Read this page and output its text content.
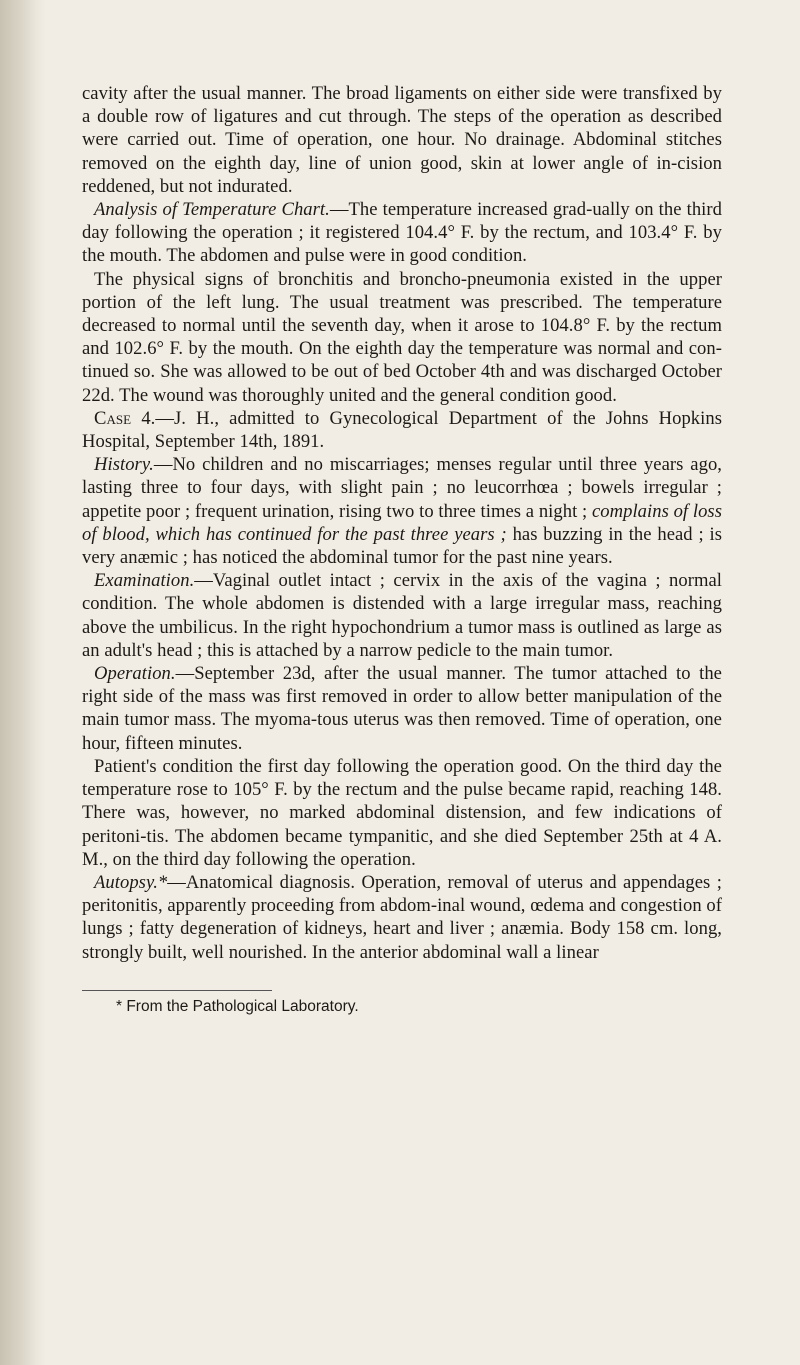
cavity after the usual manner. The broad ligaments on either side were transfixed by a double row of ligatures and cut through. The steps of the operation as described were carried out. Time of operation, one hour. No drainage. Abdominal stitches removed on the eighth day, line of union good, skin at lower angle of in-cision reddened, but not indurated.

Analysis of Temperature Chart.—The temperature increased grad-ually on the third day following the operation ; it registered 104.4° F. by the rectum, and 103.4° F. by the mouth. The abdomen and pulse were in good condition.

The physical signs of bronchitis and broncho-pneumonia existed in the upper portion of the left lung. The usual treatment was prescribed. The temperature decreased to normal until the seventh day, when it arose to 104.8° F. by the rectum and 102.6° F. by the mouth. On the eighth day the temperature was normal and con-tinued so. She was allowed to be out of bed October 4th and was discharged October 22d. The wound was thoroughly united and the general condition good.

Case 4.—J. H., admitted to Gynecological Department of the Johns Hopkins Hospital, September 14th, 1891.

History.—No children and no miscarriages; menses regular until three years ago, lasting three to four days, with slight pain ; no leucorrhœa ; bowels irregular ; appetite poor ; frequent urination, rising two to three times a night ; complains of loss of blood, which has continued for the past three years ; has buzzing in the head ; is very anæmic ; has noticed the abdominal tumor for the past nine years.

Examination.—Vaginal outlet intact ; cervix in the axis of the vagina ; normal condition. The whole abdomen is distended with a large irregular mass, reaching above the umbilicus. In the right hypochondrium a tumor mass is outlined as large as an adult's head ; this is attached by a narrow pedicle to the main tumor.

Operation.—September 23d, after the usual manner. The tumor attached to the right side of the mass was first removed in order to allow better manipulation of the main tumor mass. The myoma-tous uterus was then removed. Time of operation, one hour, fifteen minutes.

Patient's condition the first day following the operation good. On the third day the temperature rose to 105° F. by the rectum and the pulse became rapid, reaching 148. There was, however, no marked abdominal distension, and few indications of peritoni-tis. The abdomen became tympanitic, and she died September 25th at 4 A. M., on the third day following the operation.

Autopsy.*—Anatomical diagnosis. Operation, removal of uterus and appendages ; peritonitis, apparently proceeding from abdom-inal wound, œdema and congestion of lungs ; fatty degeneration of kidneys, heart and liver ; anæmia. Body 158 cm. long, strongly built, well nourished. In the anterior abdominal wall a linear

* From the Pathological Laboratory.
